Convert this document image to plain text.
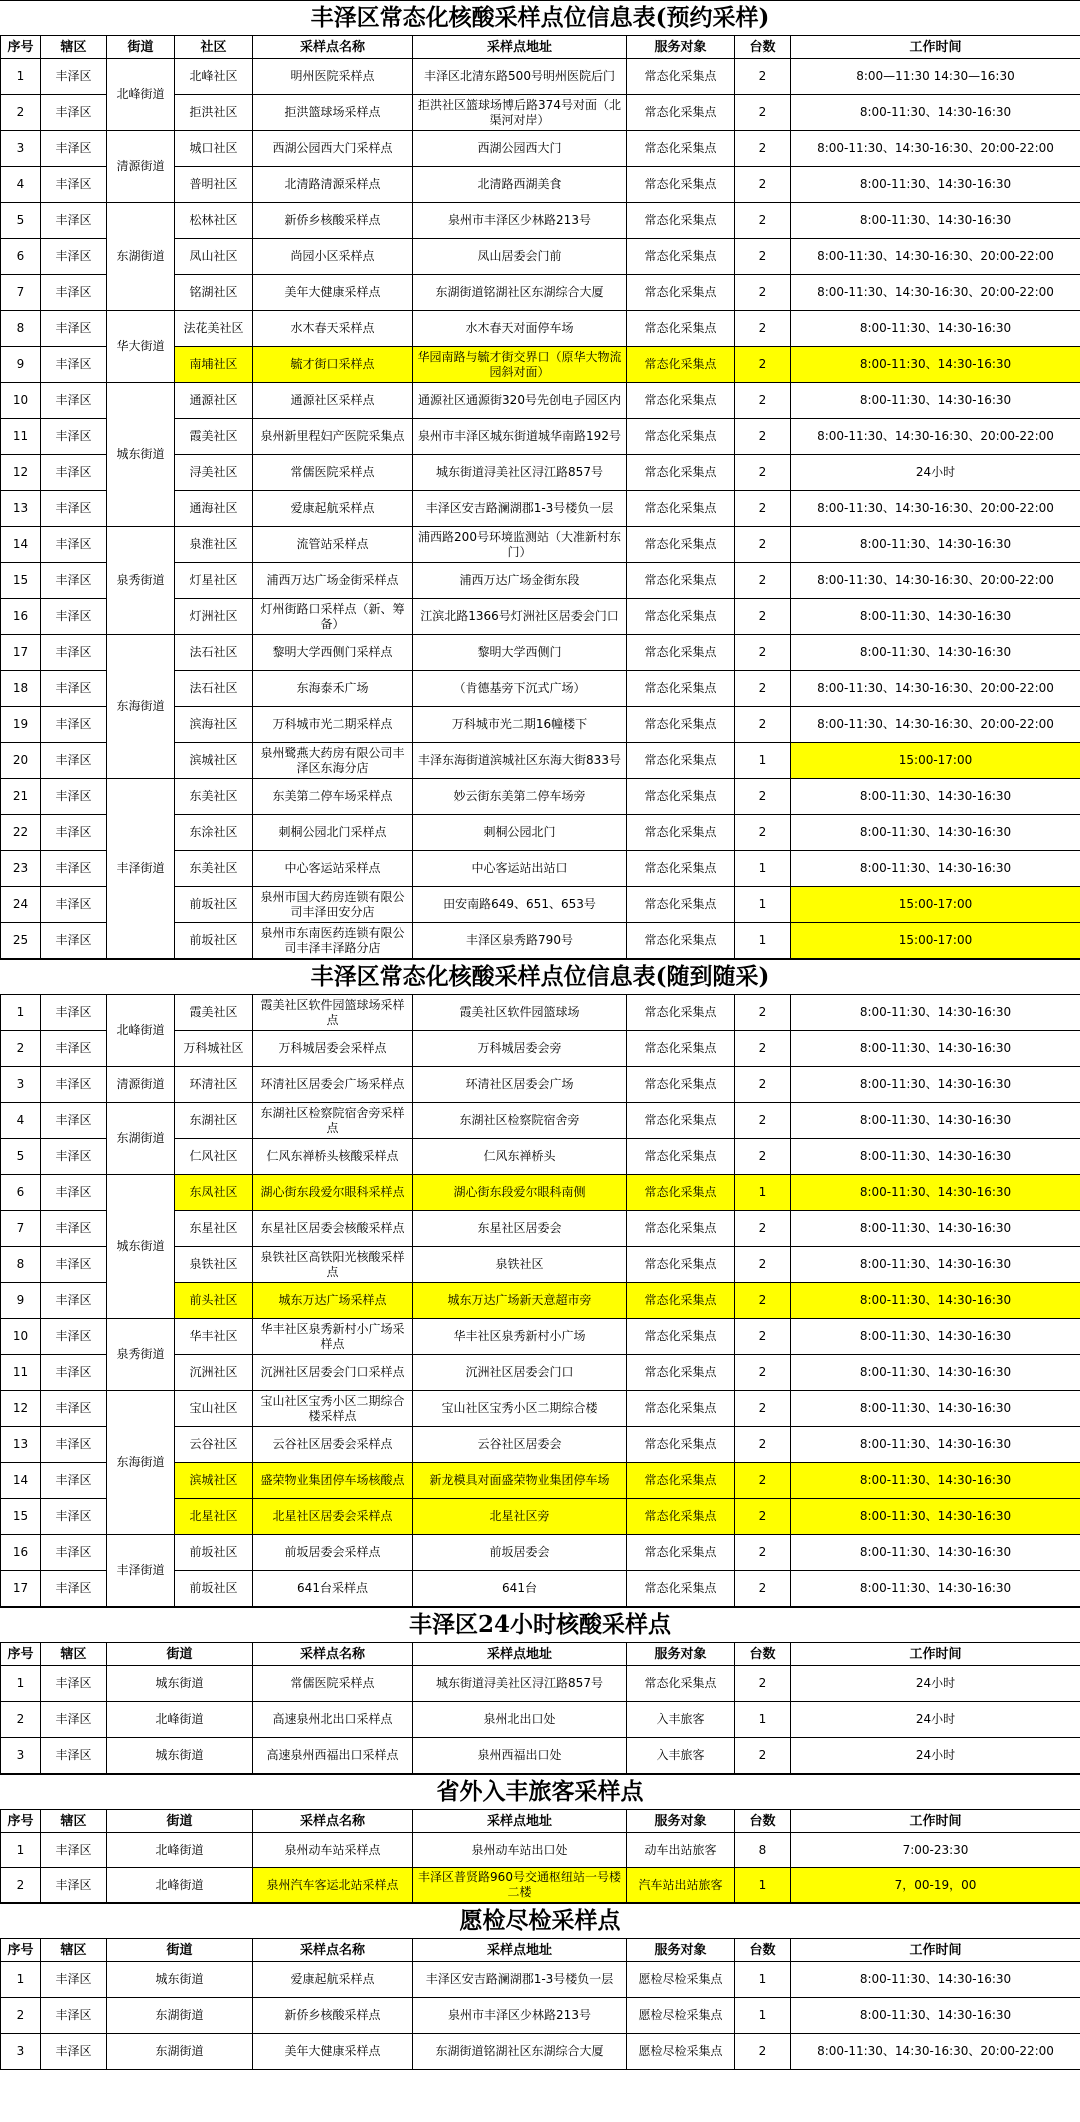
丰泽区常态化核酸采样点位信息表(预约采样)
序号	辖区	街道	社区	采样点名称	采样点地址	服务对象	台数	工作时间
1	丰泽区	北峰街道	北峰社区	明州医院采样点	丰泽区北清东路500号明州医院后门	常态化采集点	2	8:00—11:30 14:30—16:30
2	丰泽区		拒洪社区	拒洪篮球场采样点	拒洪社区篮球场博后路374号对面（北渠河对岸）	常态化采集点	2	8:00-11:30、14:30-16:30
3	丰泽区	清源街道	城口社区	西湖公园西大门采样点	西湖公园西大门	常态化采集点	2	8:00-11:30、14:30-16:30、20:00-22:00
4	丰泽区		普明社区	北清路清源采样点	北清路西湖美食	常态化采集点	2	8:00-11:30、14:30-16:30
5	丰泽区	东湖街道	松林社区	新侨乡核酸采样点	泉州市丰泽区少林路213号	常态化采集点	2	8:00-11:30、14:30-16:30
6	丰泽区		凤山社区	尚园小区采样点	凤山居委会门前	常态化采集点	2	8:00-11:30、14:30-16:30、20:00-22:00
7	丰泽区		铭湖社区	美年大健康采样点	东湖街道铭湖社区东湖综合大厦	常态化采集点	2	8:00-11:30、14:30-16:30、20:00-22:00
8	丰泽区	华大街道	法花美社区	水木春天采样点	水木春天对面停车场	常态化采集点	2	8:00-11:30、14:30-16:30
9	丰泽区		南埔社区	毓才街口采样点	华园南路与毓才街交界口（原华大物流园斜对面）	常态化采集点	2	8:00-11:30、14:30-16:30
10	丰泽区	城东街道	通源社区	通源社区采样点	通源社区通源街320号先创电子园区内	常态化采集点	2	8:00-11:30、14:30-16:30
11	丰泽区		霞美社区	泉州新里程妇产医院采集点	泉州市丰泽区城东街道城华南路192号	常态化采集点	2	8:00-11:30、14:30-16:30、20:00-22:00
12	丰泽区		浔美社区	常儒医院采样点	城东街道浔美社区浔江路857号	常态化采集点	2	24小时
13	丰泽区		通海社区	爱康起航采样点	丰泽区安吉路澜湖郡1-3号楼负一层	常态化采集点	2	8:00-11:30、14:30-16:30、20:00-22:00
14	丰泽区	泉秀街道	泉淮社区	流管站采样点	浦西路200号环境监测站（大准新村东门）	常态化采集点	2	8:00-11:30、14:30-16:30
15	丰泽区		灯星社区	浦西万达广场金街采样点	浦西万达广场金街东段	常态化采集点	2	8:00-11:30、14:30-16:30、20:00-22:00
16	丰泽区		灯洲社区	灯州街路口采样点（新、筹备）	江滨北路1366号灯洲社区居委会门口	常态化采集点	2	8:00-11:30、14:30-16:30
17	丰泽区	东海街道	法石社区	黎明大学西侧门采样点	黎明大学西侧门	常态化采集点	2	8:00-11:30、14:30-16:30
18	丰泽区		法石社区	东海泰禾广场	（肯德基旁下沉式广场）	常态化采集点	2	8:00-11:30、14:30-16:30、20:00-22:00
19	丰泽区		滨海社区	万科城市光二期采样点	万科城市光二期16幢楼下	常态化采集点	2	8:00-11:30、14:30-16:30、20:00-22:00
20	丰泽区		滨城社区	泉州鹭燕大药房有限公司丰泽区东海分店	丰泽东海街道滨城社区东海大街833号	常态化采集点	1	15:00-17:00
21	丰泽区	丰泽街道	东美社区	东美第二停车场采样点	妙云街东美第二停车场旁	常态化采集点	2	8:00-11:30、14:30-16:30
22	丰泽区		东涂社区	刺桐公园北门采样点	刺桐公园北门	常态化采集点	2	8:00-11:30、14:30-16:30
23	丰泽区		东美社区	中心客运站采样点	中心客运站出站口	常态化采集点	1	8:00-11:30、14:30-16:30
24	丰泽区		前坂社区	泉州市国大药房连锁有限公司丰泽田安分店	田安南路649、651、653号	常态化采集点	1	15:00-17:00
25	丰泽区		前坂社区	泉州市东南医药连锁有限公司丰泽丰泽路分店	丰泽区泉秀路790号	常态化采集点	1	15:00-17:00
丰泽区常态化核酸采样点位信息表(随到随采)
1	丰泽区	北峰街道	霞美社区	霞美社区软件园篮球场采样点	霞美社区软件园篮球场	常态化采集点	2	8:00-11:30、14:30-16:30
2	丰泽区		万科城社区	万科城居委会采样点	万科城居委会旁	常态化采集点	2	8:00-11:30、14:30-16:30
3	丰泽区	清源街道	环清社区	环清社区居委会广场采样点	环清社区居委会广场	常态化采集点	2	8:00-11:30、14:30-16:30
4	丰泽区	东湖街道	东湖社区	东湖社区检察院宿舍旁采样点	东湖社区检察院宿舍旁	常态化采集点	2	8:00-11:30、14:30-16:30
5	丰泽区		仁风社区	仁风东禅桥头核酸采样点	仁风东禅桥头	常态化采集点	2	8:00-11:30、14:30-16:30
6	丰泽区	城东街道	东凤社区	湖心街东段爱尔眼科采样点	湖心街东段爱尔眼科南侧	常态化采集点	1	8:00-11:30、14:30-16:30
7	丰泽区		东星社区	东星社区居委会核酸采样点	东星社区居委会	常态化采集点	2	8:00-11:30、14:30-16:30
8	丰泽区		泉铁社区	泉铁社区高铁阳光核酸采样点	泉铁社区	常态化采集点	2	8:00-11:30、14:30-16:30
9	丰泽区		前头社区	城东万达广场采样点	城东万达广场新天意超市旁	常态化采集点	2	8:00-11:30、14:30-16:30
10	丰泽区	泉秀街道	华丰社区	华丰社区泉秀新村小广场采样点	华丰社区泉秀新村小广场	常态化采集点	2	8:00-11:30、14:30-16:30
11	丰泽区		沉洲社区	沉洲社区居委会门口采样点	沉洲社区居委会门口	常态化采集点	2	8:00-11:30、14:30-16:30
12	丰泽区	东海街道	宝山社区	宝山社区宝秀小区二期综合楼采样点	宝山社区宝秀小区二期综合楼	常态化采集点	2	8:00-11:30、14:30-16:30
13	丰泽区		云谷社区	云谷社区居委会采样点	云谷社区居委会	常态化采集点	2	8:00-11:30、14:30-16:30
14	丰泽区		滨城社区	盛荣物业集团停车场核酸点	新龙模具对面盛荣物业集团停车场	常态化采集点	2	8:00-11:30、14:30-16:30
15	丰泽区		北星社区	北星社区居委会采样点	北星社区旁	常态化采集点	2	8:00-11:30、14:30-16:30
16	丰泽区	丰泽街道	前坂社区	前坂居委会采样点	前坂居委会	常态化采集点	2	8:00-11:30、14:30-16:30
17	丰泽区		前坂社区	641台采样点	641台	常态化采集点	2	8:00-11:30、14:30-16:30
丰泽区24小时核酸采样点
序号	辖区	街道	采样点名称	采样点地址	服务对象	台数	工作时间
1	丰泽区	城东街道	常儒医院采样点	城东街道浔美社区浔江路857号	常态化采集点	2	24小时
2	丰泽区	北峰街道	高速泉州北出口采样点	泉州北出口处	入丰旅客	1	24小时
3	丰泽区	城东街道	高速泉州西福出口采样点	泉州西福出口处	入丰旅客	2	24小时
省外入丰旅客采样点
序号	辖区	街道	采样点名称	采样点地址	服务对象	台数	工作时间
1	丰泽区	北峰街道	泉州动车站采样点	泉州动车站出口处	动车出站旅客	8	7:00-23:30
2	丰泽区	北峰街道	泉州汽车客运北站采样点	丰泽区普贤路960号交通枢纽站一号楼二楼	汽车站出站旅客	1	7，00-19，00
愿检尽检采样点
序号	辖区	街道	采样点名称	采样点地址	服务对象	台数	工作时间
1	丰泽区	城东街道	爱康起航采样点	丰泽区安吉路澜湖郡1-3号楼负一层	愿检尽检采集点	1	8:00-11:30、14:30-16:30
2	丰泽区	东湖街道	新侨乡核酸采样点	泉州市丰泽区少林路213号	愿检尽检采集点	1	8:00-11:30、14:30-16:30
3	丰泽区	东湖街道	美年大健康采样点	东湖街道铭湖社区东湖综合大厦	愿检尽检采集点	2	8:00-11:30、14:30-16:30、20:00-22:00
